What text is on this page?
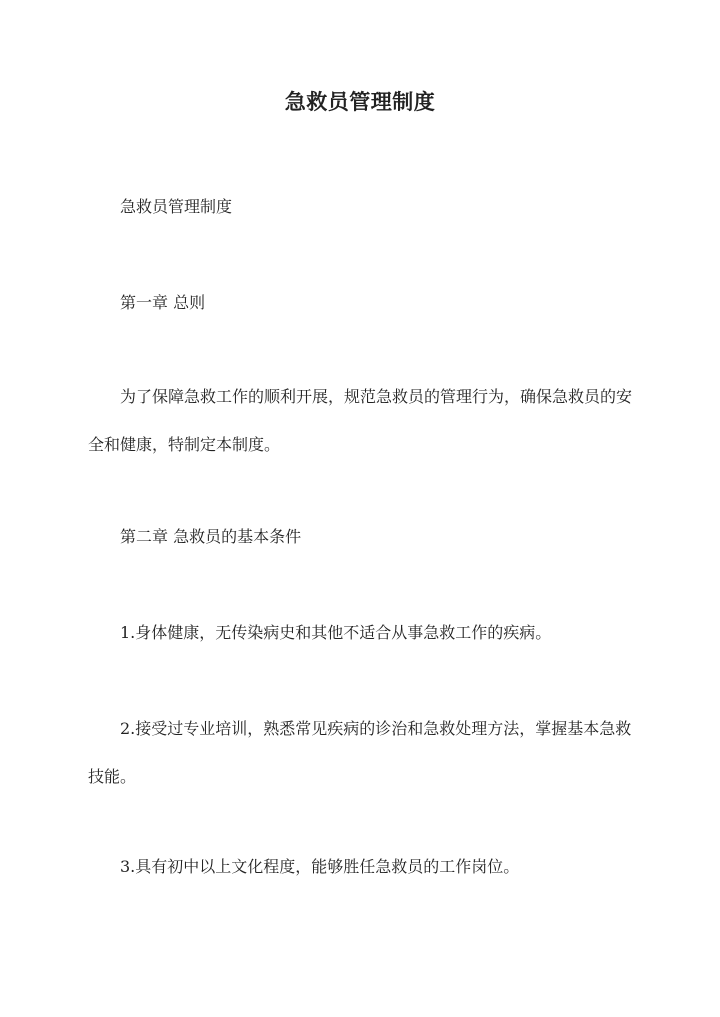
急救员管理制度

急救员管理制度

第一章 总则

为了保障急救工作的顺利开展，规范急救员的管理行为，确保急救员的安全和健康，特制定本制度。

第二章 急救员的基本条件

1.身体健康，无传染病史和其他不适合从事急救工作的疾病。

2.接受过专业培训，熟悉常见疾病的诊治和急救处理方法，掌握基本急救技能。

3.具有初中以上文化程度，能够胜任急救员的工作岗位。
